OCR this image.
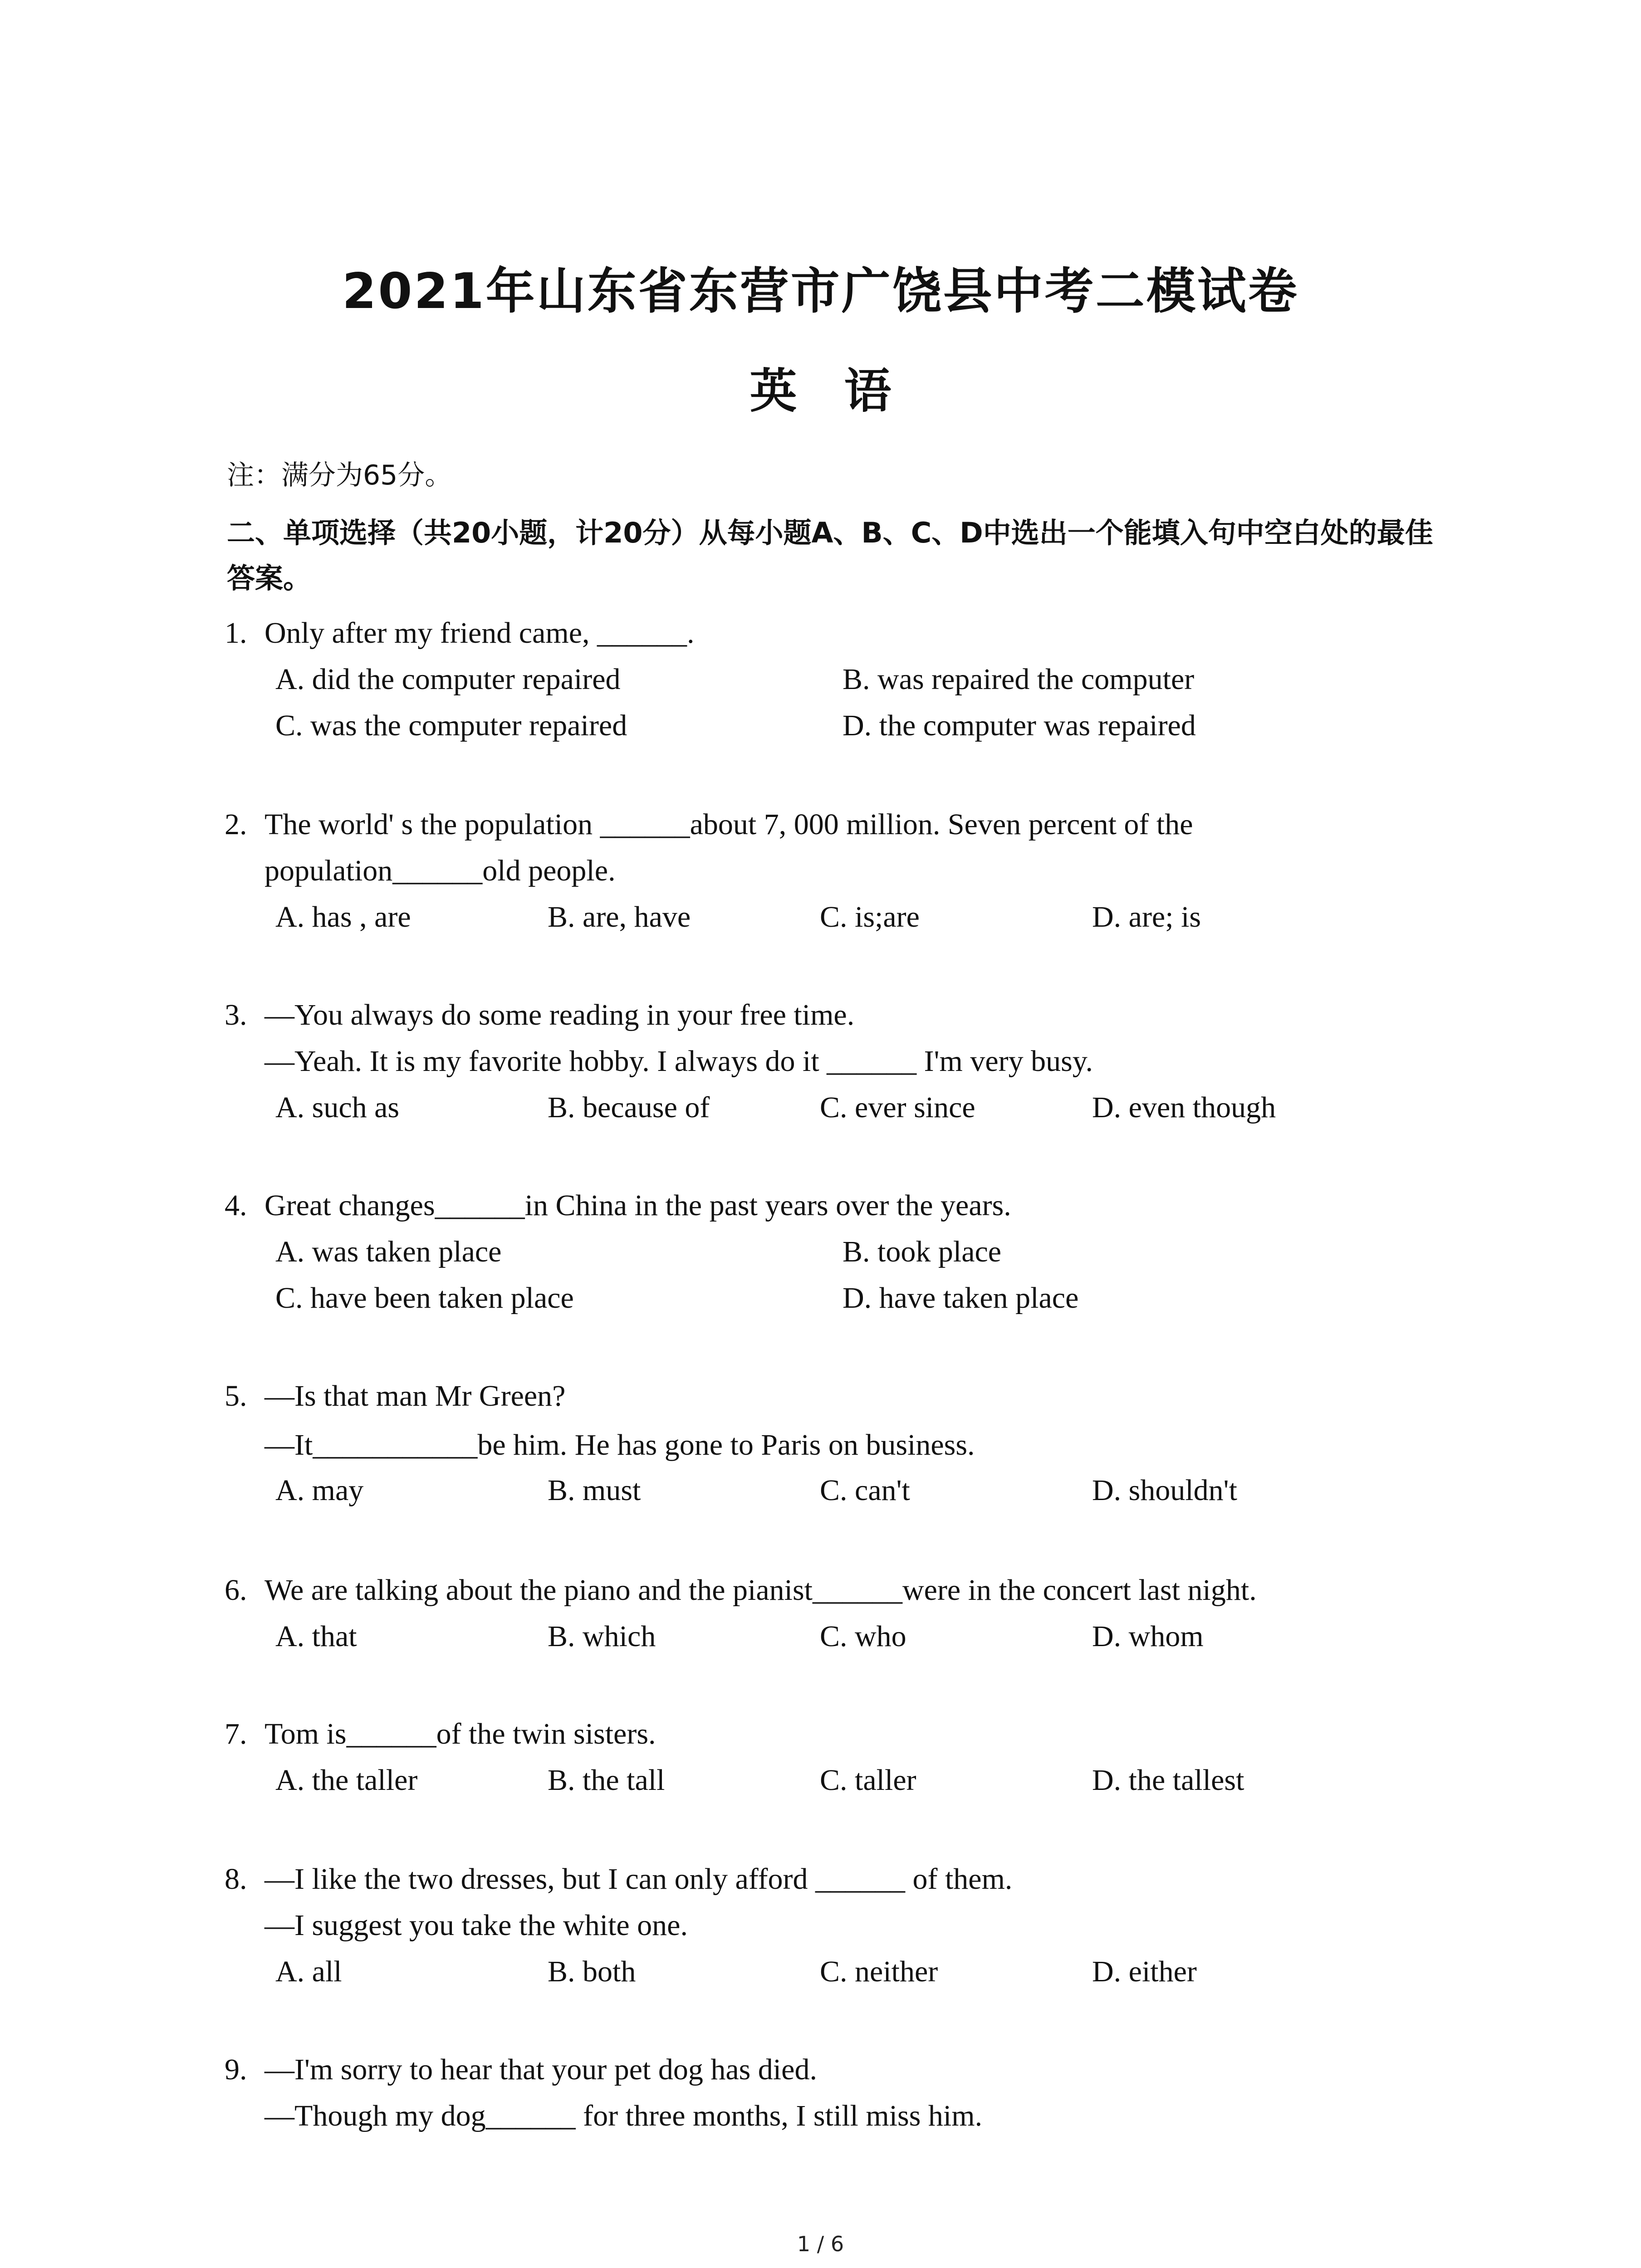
2021年山东省东营市广饶县中考二模试卷
英 语
注：满分为65分。
二、单项选择（共20小题，计20分）从每小题A、B、C、D中选出一个能填入句中空白处的最佳答案。
1. Only after my friend came, ______.
A. did the computer repaired	B. was repaired the computer
C. was the computer repaired	D. the computer was repaired
2. The world' s the population ______about 7, 000 million. Seven percent of the
population______old people.
A. has , are	B. are, have	C. is;are	D. are; is
3. —You always do some reading in your free time.
—Yeah. It is my favorite hobby. I always do it ______ I'm very busy.
A. such as	B. because of	C. ever since	D. even though
4. Great changes______in China in the past years over the years.
A. was taken place	B. took place
C. have been taken place	D. have taken place
5. —Is that man Mr Green?
—It___________be him. He has gone to Paris on business.
A. may	B. must	C. can't	D. shouldn't
6. We are talking about the piano and the pianist______were in the concert last night.
A. that	B. which	C. who	D. whom
7. Tom is______of the twin sisters.
A. the taller	B. the tall	C. taller	D. the tallest
8. —I like the two dresses, but I can only afford ______ of them.
—I suggest you take the white one.
A. all	B. both	C. neither	D. either
9. —I'm sorry to hear that your pet dog has died.
—Though my dog______ for three months, I still miss him.
1 / 6
